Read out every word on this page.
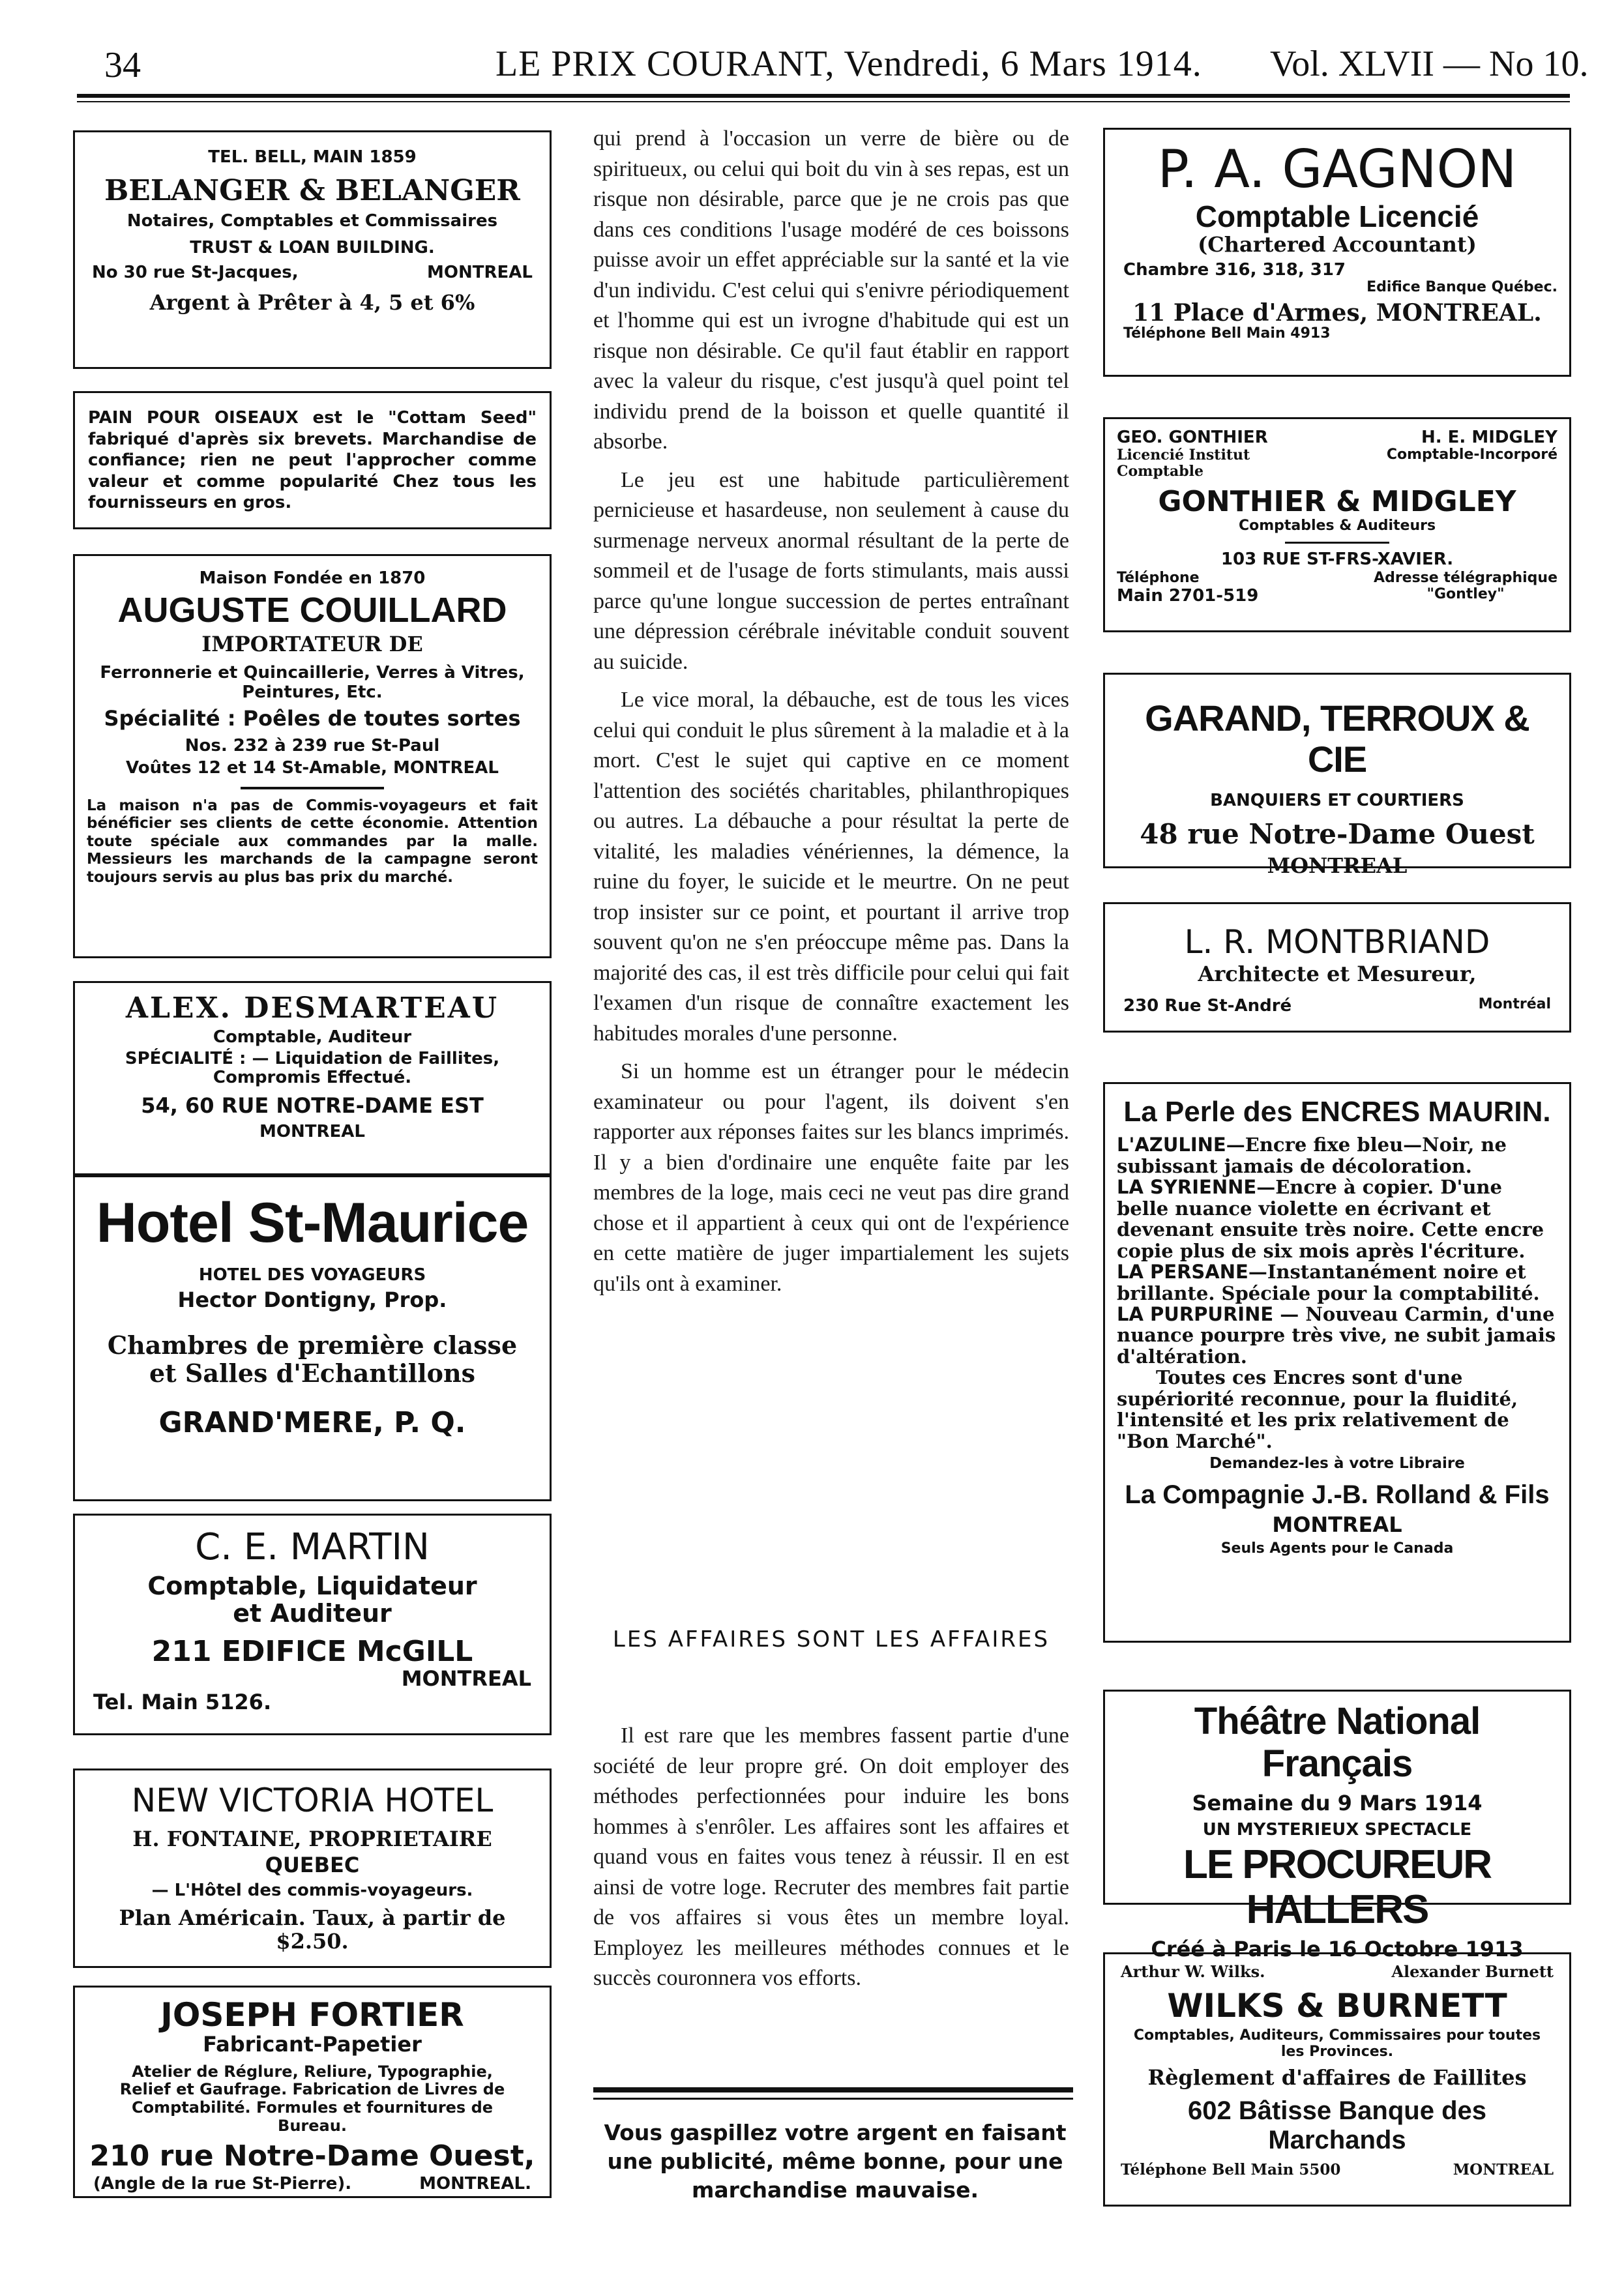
34	LE PRIX COURANT, Vendredi, 6 Mars 1914. Vol. XLVII — No 10.
TEL. BELL, MAIN 1859
BELANGER & BELANGER
Notaires, Comptables et Commissaires
TRUST & LOAN BUILDING.
No 30 rue St-Jacques,	MONTREAL
Argent à Prêter à 4, 5 et 6%
PAIN POUR OISEAUX est le "Cottam Seed" fabriqué d'après six brevets. Marchandise de confiance; rien ne peut l'approcher comme valeur et comme popularité Chez tous les fournisseurs en gros.
Maison Fondée en 1870
AUGUSTE COUILLARD
IMPORTATEUR DE
Ferronnerie et Quincaillerie, Verres à Vitres, Peintures, Etc.
Spécialité : Poêles de toutes sortes
Nos. 232 à 239 rue St-Paul
Voûtes 12 et 14 St-Amable, MONTREAL
La maison n'a pas de Commis-voyageurs et fait bénéficier ses clients de cette économie. Attention toute spéciale aux commandes par la malle. Messieurs les marchands de la campagne seront toujours servis au plus bas prix du marché.
ALEX. DESMARTEAU
Comptable, Auditeur
SPÉCIALITÉ : — Liquidation de Faillites, Compromis Effectué.
54, 60 RUE NOTRE-DAME EST
MONTREAL
Hotel St-Maurice
HOTEL DES VOYAGEURS
Hector Dontigny, Prop.
Chambres de première classe et Salles d'Echantillons
GRAND'MERE, P. Q.
C. E. MARTIN
Comptable, Liquidateur
et Auditeur
211 EDIFICE McGILL
MONTREAL
Tel. Main 5126.
NEW VICTORIA HOTEL
H. FONTAINE, PROPRIETAIRE
QUEBEC
— L'Hôtel des commis-voyageurs.
Plan Américain. Taux, à partir de $2.50.
JOSEPH FORTIER
Fabricant-Papetier
Atelier de Réglure, Reliure, Typographie, Relief et Gaufrage. Fabrication de Livres de Comptabilité. Formules et fournitures de Bureau.
210 rue Notre-Dame Ouest,
(Angle de la rue St-Pierre).	MONTREAL.

qui prend à l'occasion un verre de bière ou de spiritueux, ou celui qui boit du vin à ses repas, est un risque non désirable, parce que je ne crois pas que dans ces conditions l'usage modéré de ces boissons puisse avoir un effet appréciable sur la santé et la vie d'un individu. C'est celui qui s'enivre périodiquement et l'homme qui est un ivrogne d'habitude qui est un risque non désirable. Ce qu'il faut établir en rapport avec la valeur du risque, c'est jusqu'à quel point tel individu prend de la boisson et quelle quantité il absorbe.

Le jeu est une habitude particulièrement pernicieuse et hasardeuse, non seulement à cause du surmenage nerveux anormal résultant de la perte de sommeil et de l'usage de forts stimulants, mais aussi parce qu'une longue succession de pertes entraînant une dépression cérébrale inévitable conduit souvent au suicide.

Le vice moral, la débauche, est de tous les vices celui qui conduit le plus sûrement à la maladie et à la mort. C'est le sujet qui captive en ce moment l'attention des sociétés charitables, philanthropiques ou autres. La débauche a pour résultat la perte de vitalité, les maladies vénériennes, la démence, la ruine du foyer, le suicide et le meurtre. On ne peut trop insister sur ce point, et pourtant il arrive trop souvent qu'on ne s'en préoccupe même pas. Dans la majorité des cas, il est très difficile pour celui qui fait l'examen d'un risque de connaître exactement les habitudes morales d'une personne.

Si un homme est un étranger pour le médecin examinateur ou pour l'agent, ils doivent s'en rapporter aux réponses faites sur les blancs imprimés. Il y a bien d'ordinaire une enquête faite par les membres de la loge, mais ceci ne veut pas dire grand chose et il appartient à ceux qui ont de l'expérience en cette matière de juger impartialement les sujets qu'ils ont à examiner.

LES AFFAIRES SONT LES AFFAIRES

Il est rare que les membres fassent partie d'une société de leur propre gré. On doit employer des méthodes perfectionnées pour induire les bons hommes à s'enrôler. Les affaires sont les affaires et quand vous en faites vous tenez à réussir. Il en est ainsi de votre loge. Recruter des membres fait partie de vos affaires si vous êtes un membre loyal. Employez les meilleures méthodes connues et le succès couronnera vos efforts.

Vous gaspillez votre argent en faisant une publicité, même bonne, pour une marchandise mauvaise.
P. A. GAGNON
Comptable Licencié
(Chartered Accountant)
Chambre 316, 318, 317
Edifice Banque Québec.
11 Place d'Armes, MONTREAL.
Téléphone Bell Main 4913
GEO. GONTHIER
Licencié Institut Comptable
H. E. MIDGLEY
Comptable-Incorporé
GONTHIER & MIDGLEY
Comptables & Auditeurs
103 RUE ST-FRS-XAVIER.
Téléphone
Main 2701-519
Adresse télégraphique
"Gontley"
GARAND, TERROUX & CIE
BANQUIERS ET COURTIERS
48 rue Notre-Dame Ouest
MONTREAL
L. R. MONTBRIAND
Architecte et Mesureur,
230 Rue St-André	Montréal
La Perle des ENCRES MAURIN.
L'AZULINE—Encre fixe bleu—Noir, ne subissant jamais de décoloration.
LA SYRIENNE—Encre à copier. D'une belle nuance violette en écrivant et devenant ensuite très noire. Cette encre copie plus de six mois après l'écriture.
LA PERSANE—Instantanément noire et brillante. Spéciale pour la comptabilité.
LA PURPURINE — Nouveau Carmin, d'une nuance pourpre très vive, ne subit jamais d'altération.
Toutes ces Encres sont d'une supériorité reconnue, pour la fluidité, l'intensité et les prix relativement de "Bon Marché".
Demandez-les à votre Libraire
La Compagnie J.-B. Rolland & Fils
MONTREAL
Seuls Agents pour le Canada
Théâtre National Français
Semaine du 9 Mars 1914
UN MYSTERIEUX SPECTACLE
LE PROCUREUR HALLERS
Créé à Paris le 16 Octobre 1913
Arthur W. Wilks.	Alexander Burnett
WILKS & BURNETT
Comptables, Auditeurs, Commissaires pour toutes les Provinces.
Règlement d'affaires de Faillites
602 Bâtisse Banque des Marchands
Téléphone Bell Main 5500	MONTREAL
